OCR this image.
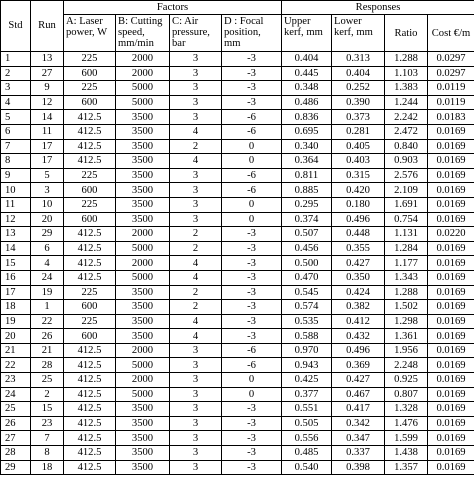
Std	Run	Factors				Responses			
		A: Laser power, W	B: Cutting speed, mm/min	C: Air pressure, bar	D : Focal position, mm	Upper kerf, mm	Lower kerf, mm	Ratio	Cost €/m
1	13	225	2000	3	-3	0.404	0.313	1.288	0.0297
2	27	600	2000	3	-3	0.445	0.404	1.103	0.0297
3	9	225	5000	3	-3	0.348	0.252	1.383	0.0119
4	12	600	5000	3	-3	0.486	0.390	1.244	0.0119
5	14	412.5	3500	3	-6	0.836	0.373	2.242	0.0183
6	11	412.5	3500	4	-6	0.695	0.281	2.472	0.0169
7	17	412.5	3500	2	0	0.340	0.405	0.840	0.0169
8	17	412.5	3500	4	0	0.364	0.403	0.903	0.0169
9	5	225	3500	3	-6	0.811	0.315	2.576	0.0169
10	3	600	3500	3	-6	0.885	0.420	2.109	0.0169
11	10	225	3500	3	0	0.295	0.180	1.691	0.0169
12	20	600	3500	3	0	0.374	0.496	0.754	0.0169
13	29	412.5	2000	2	-3	0.507	0.448	1.131	0.0220
14	6	412.5	5000	2	-3	0.456	0.355	1.284	0.0169
15	4	412.5	2000	4	-3	0.500	0.427	1.177	0.0169
16	24	412.5	5000	4	-3	0.470	0.350	1.343	0.0169
17	19	225	3500	2	-3	0.545	0.424	1.288	0.0169
18	1	600	3500	2	-3	0.574	0.382	1.502	0.0169
19	22	225	3500	4	-3	0.535	0.412	1.298	0.0169
20	26	600	3500	4	-3	0.588	0.432	1.361	0.0169
21	21	412.5	2000	3	-6	0.970	0.496	1.956	0.0169
22	28	412.5	5000	3	-6	0.943	0.369	2.248	0.0169
23	25	412.5	2000	3	0	0.425	0.427	0.925	0.0169
24	2	412.5	5000	3	0	0.377	0.467	0.807	0.0169
25	15	412.5	3500	3	-3	0.551	0.417	1.328	0.0169
26	23	412.5	3500	3	-3	0.505	0.342	1.476	0.0169
27	7	412.5	3500	3	-3	0.556	0.347	1.599	0.0169
28	8	412.5	3500	3	-3	0.485	0.337	1.438	0.0169
29	18	412.5	3500	3	-3	0.540	0.398	1.357	0.0169
